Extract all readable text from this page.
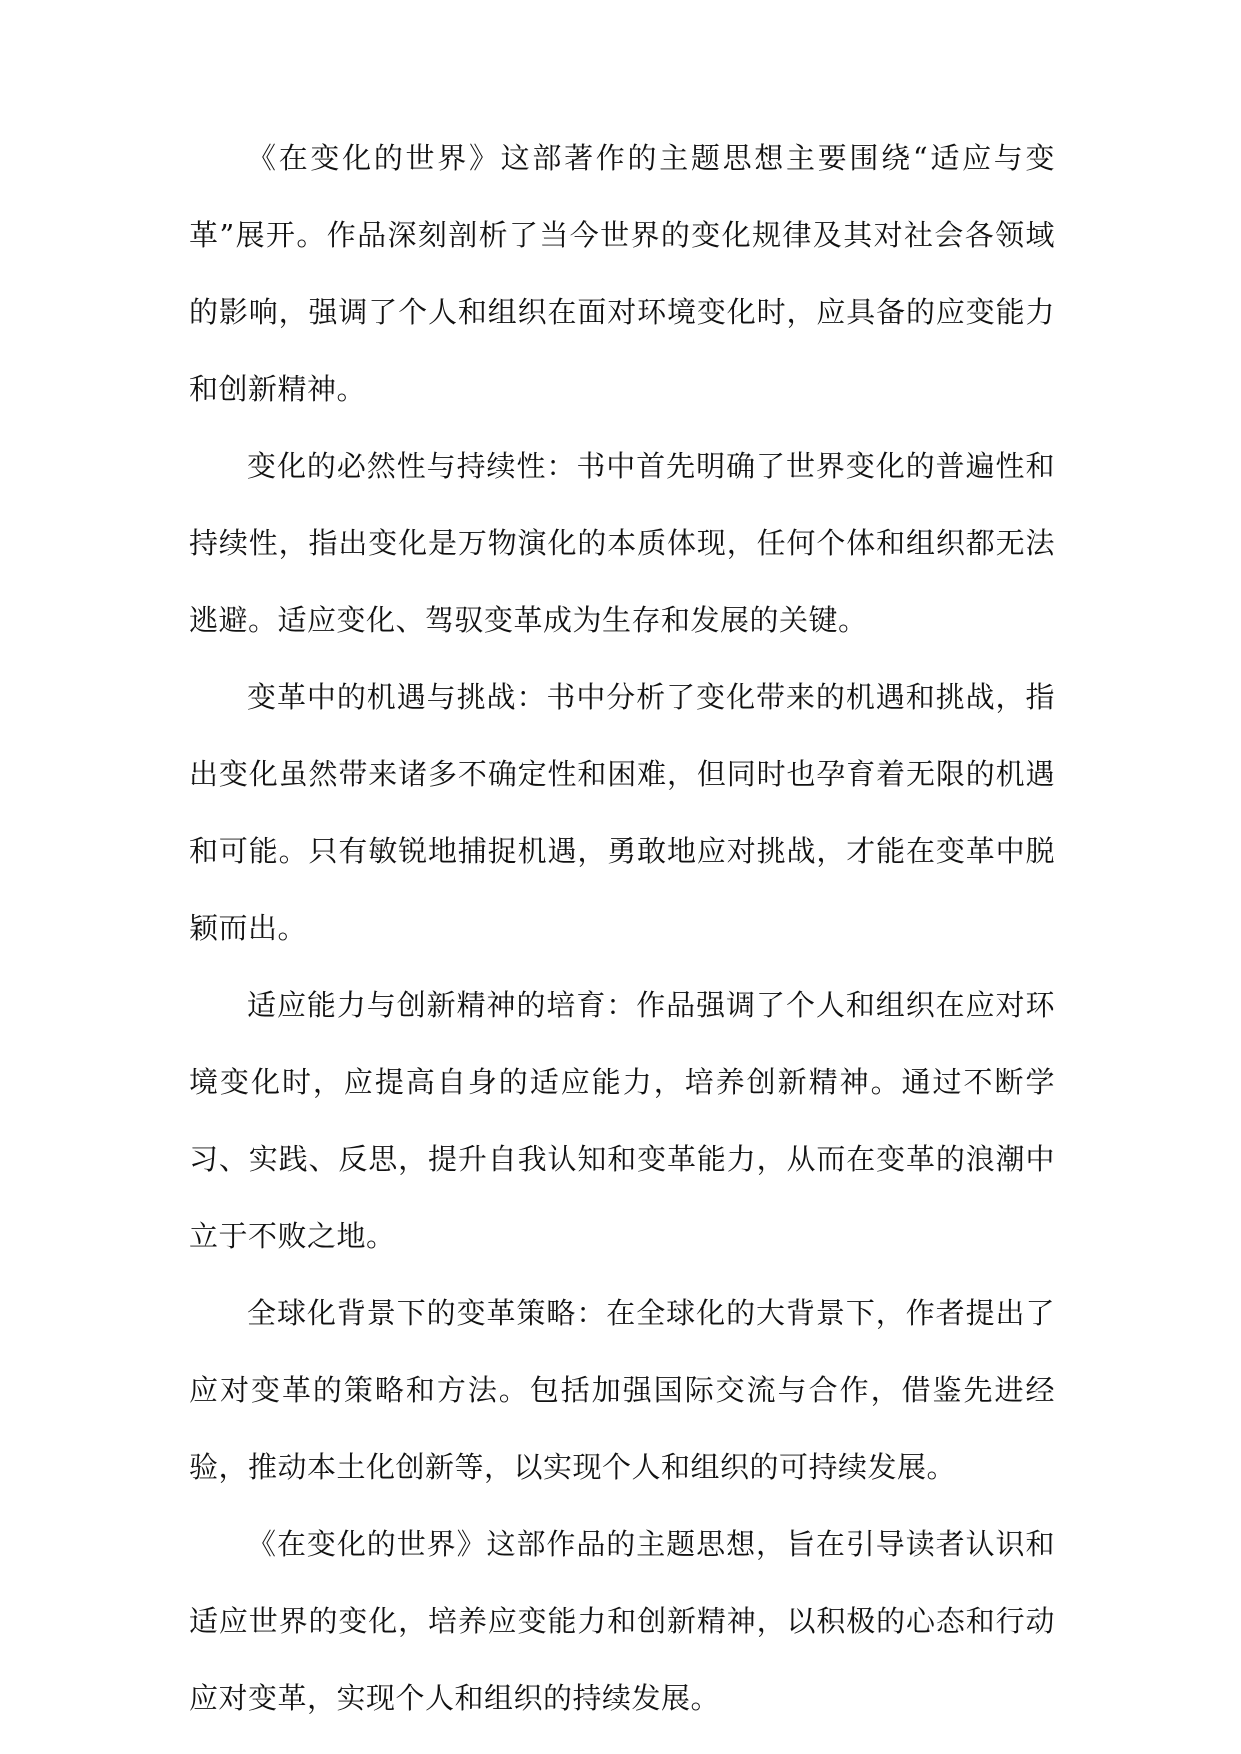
《在变化的世界》这部著作的主题思想主要围绕“适应与变革”展开。作品深刻剖析了当今世界的变化规律及其对社会各领域的影响，强调了个人和组织在面对环境变化时，应具备的应变能力和创新精神。

变化的必然性与持续性：书中首先明确了世界变化的普遍性和持续性，指出变化是万物演化的本质体现，任何个体和组织都无法逃避。适应变化、驾驭变革成为生存和发展的关键。

变革中的机遇与挑战：书中分析了变化带来的机遇和挑战，指出变化虽然带来诸多不确定性和困难，但同时也孕育着无限的机遇和可能。只有敏锐地捕捉机遇，勇敢地应对挑战，才能在变革中脱颖而出。

适应能力与创新精神的培育：作品强调了个人和组织在应对环境变化时，应提高自身的适应能力，培养创新精神。通过不断学习、实践、反思，提升自我认知和变革能力，从而在变革的浪潮中立于不败之地。

全球化背景下的变革策略：在全球化的大背景下，作者提出了应对变革的策略和方法。包括加强国际交流与合作，借鉴先进经验，推动本土化创新等，以实现个人和组织的可持续发展。

《在变化的世界》这部作品的主题思想，旨在引导读者认识和适应世界的变化，培养应变能力和创新精神，以积极的心态和行动应对变革，实现个人和组织的持续发展。
